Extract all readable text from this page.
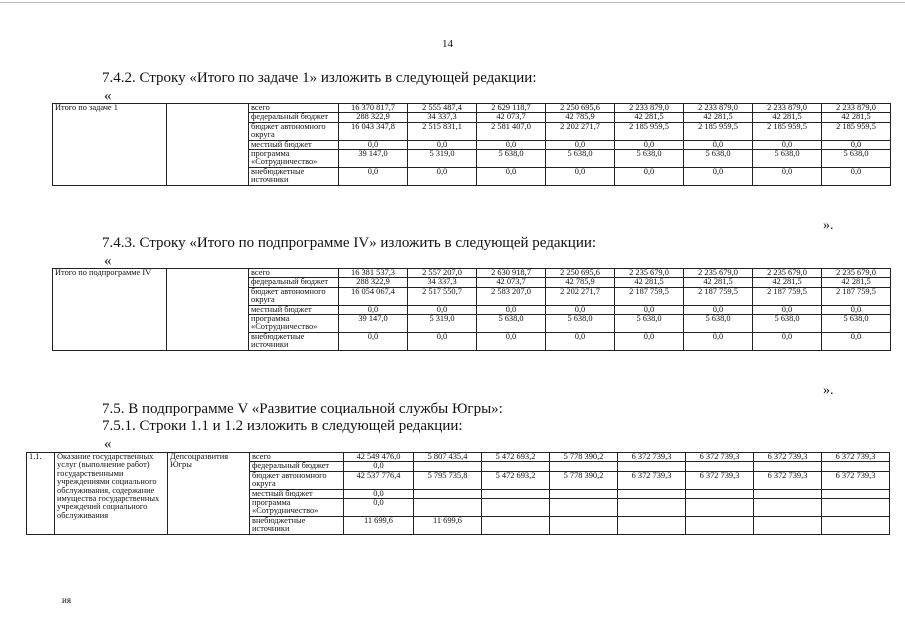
14
7.4.2. Строку «Итого по задаче 1» изложить в следующей редакции:
«
Итого по задаче 1		всего	16 370 817,7	2 555 487,4	2 629 118,7	2 250 695,6	2 233 879,0	2 233 879,0	2 233 879,0	2 233 879,0
		федеральный бюджет	288 322,9	34 337,3	42 073,7	42 785,9	42 281,5	42 281,5	42 281,5	42 281,5
		бюджет автономного округа	16 043 347,8	2 515 831,1	2 581 407,0	2 202 271,7	2 185 959,5	2 185 959,5	2 185 959,5	2 185 959,5
		местный бюджет	0,0	0,0	0,0	0,0	0,0	0,0	0,0	0,0
		программа «Сотрудничество»	39 147,0	5 319,0	5 638,0	5 638,0	5 638,0	5 638,0	5 638,0	5 638,0
		внебюджетные источники	0,0	0,0	0,0	0,0	0,0	0,0	0,0	0,0
».
7.4.3. Строку «Итого по подпрограмме IV» изложить в следующей редакции:
«
Итого по подпрограмме IV		всего	16 381 537,3	2 557 207,0	2 630 918,7	2 250 695,6	2 235 679,0	2 235 679,0	2 235 679,0	2 235 679,0
		федеральный бюджет	288 322,9	34 337,3	42 073,7	42 785,9	42 281,5	42 281,5	42 281,5	42 281,5
		бюджет автономного округа	16 054 067,4	2 517 550,7	2 583 207,0	2 202 271,7	2 187 759,5	2 187 759,5	2 187 759,5	2 187 759,5
		местный бюджет	0,0	0,0	0,0	0,0	0,0	0,0	0,0	0,0
		программа «Сотрудничество»	39 147,0	5 319,0	5 638,0	5 638,0	5 638,0	5 638,0	5 638,0	5 638,0
		внебюджетные источники	0,0	0,0	0,0	0,0	0,0	0,0	0,0	0,0
».
7.5. В подпрограмме V «Развитие социальной службы Югры»:
7.5.1. Строки 1.1 и 1.2 изложить в следующей редакции:
«
1.1.	Оказание государственных услуг (выполнение работ) государственными учреждениями социального обслуживания, содержание имущества государственных учреждений социального обслуживания	Депсоцразвития Югры	всего	42 549 476,0	5 807 435,4	5 472 693,2	5 778 390,2	6 372 739,3	6 372 739,3	6 372 739,3	6 372 739,3
			федеральный бюджет	0,0							
			бюджет автономного округа	42 537 776,4	5 795 735,8	5 472 693,2	5 778 390,2	6 372 739,3	6 372 739,3	6 372 739,3	6 372 739,3
			местный бюджет	0,0							
			программа «Сотрудничество»	0,0							
			внебюджетные источники	11 699,6	11 699,6						
ия
